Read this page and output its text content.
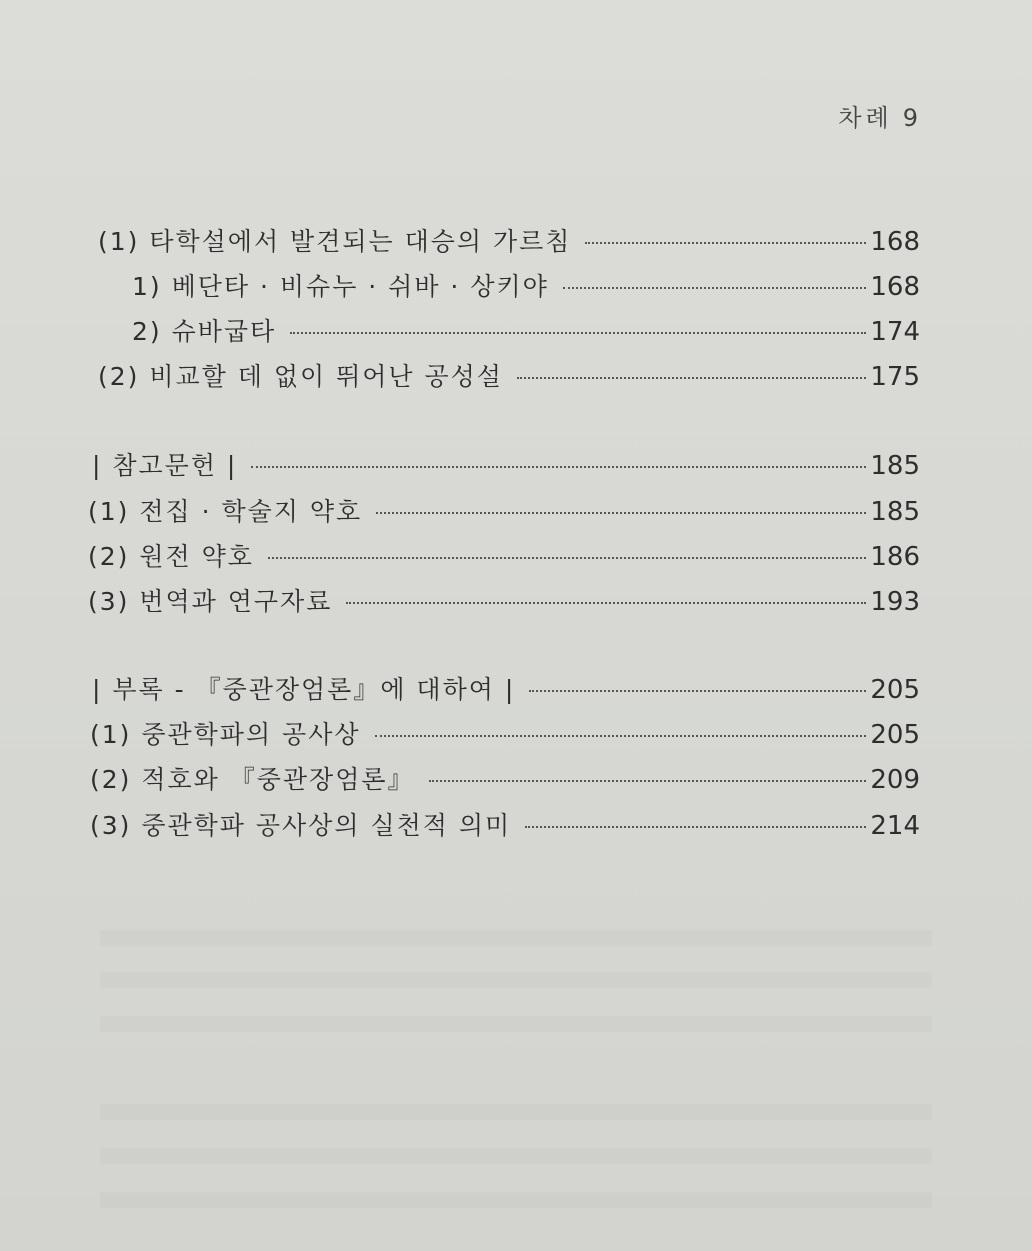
차례 9
(1) 타학설에서 발견되는 대승의 가르침	168
1) 베단타 · 비슈누 · 쉬바 · 상키야	168
2) 슈바굽타	174
(2) 비교할 데 없이 뛰어난 공성설	175
| 참고문헌 |	185
(1) 전집 · 학술지 약호	185
(2) 원전 약호	186
(3) 번역과 연구자료	193
| 부록 - 『중관장엄론』에 대하여 |	205
(1) 중관학파의 공사상	205
(2) 적호와 『중관장엄론』	209
(3) 중관학파 공사상의 실천적 의미	214
